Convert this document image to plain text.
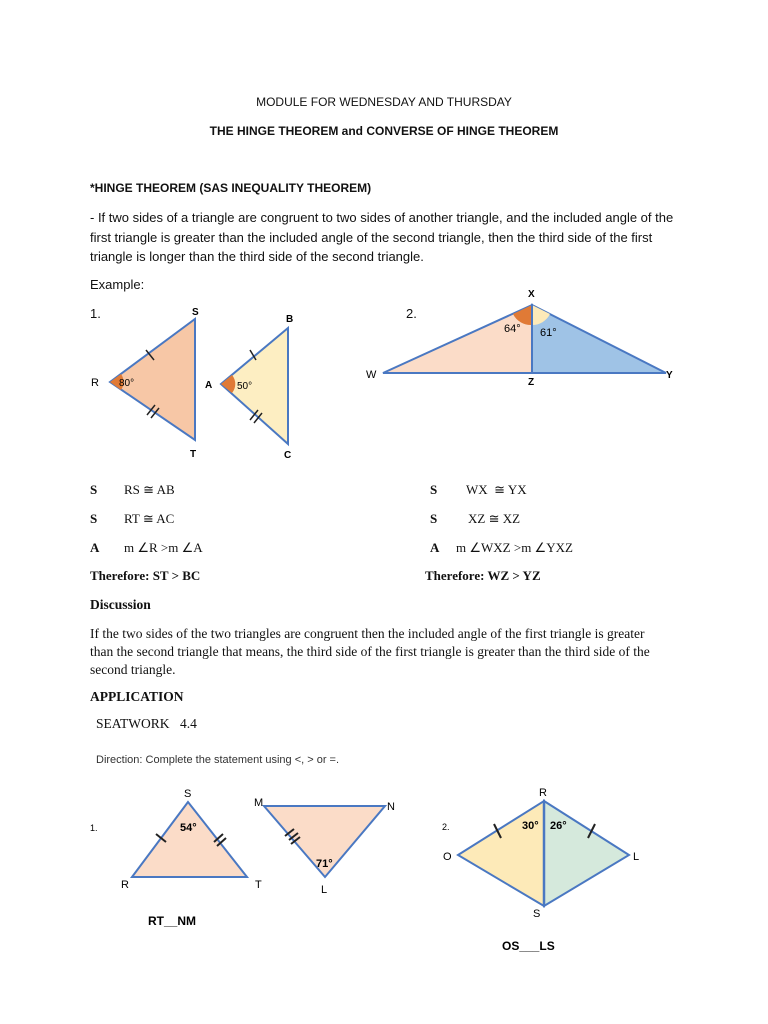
MODULE FOR WEDNESDAY AND THURSDAY
THE HINGE THEOREM and CONVERSE OF HINGE THEOREM
*HINGE THEOREM (SAS INEQUALITY THEOREM)
- If two sides of a triangle are congruent to two sides of another triangle, and the included angle of the first triangle is greater than the included angle of the second triangle, then the third side of the first triangle is longer than the third side of the second triangle.
Example:
1.	S
R 80°
T
B
A 50°
C
2.
X
64° 61°
W
Z
Y
S RS ≅ AB
S RT ≅ AC
A m ∠R >m ∠A
Therefore: ST > BC
S WX  ≅ YX
S XZ ≅ XZ
A m ∠WXZ >m ∠YXZ
Therefore: WZ > YZ
Discussion
If the two sides of the two triangles are congruent then the included angle of the first triangle is greater than the second triangle that means, the third side of the first triangle is greater than the third side of the second triangle.
APPLICATION
SEATWORK 4.4
Direction: Complete the statement using <, > or =.
1.
S
54°
R	T
M	N
71°
L
RT__NM
2.
R
30° 26°
O	L
S
OS___LS
